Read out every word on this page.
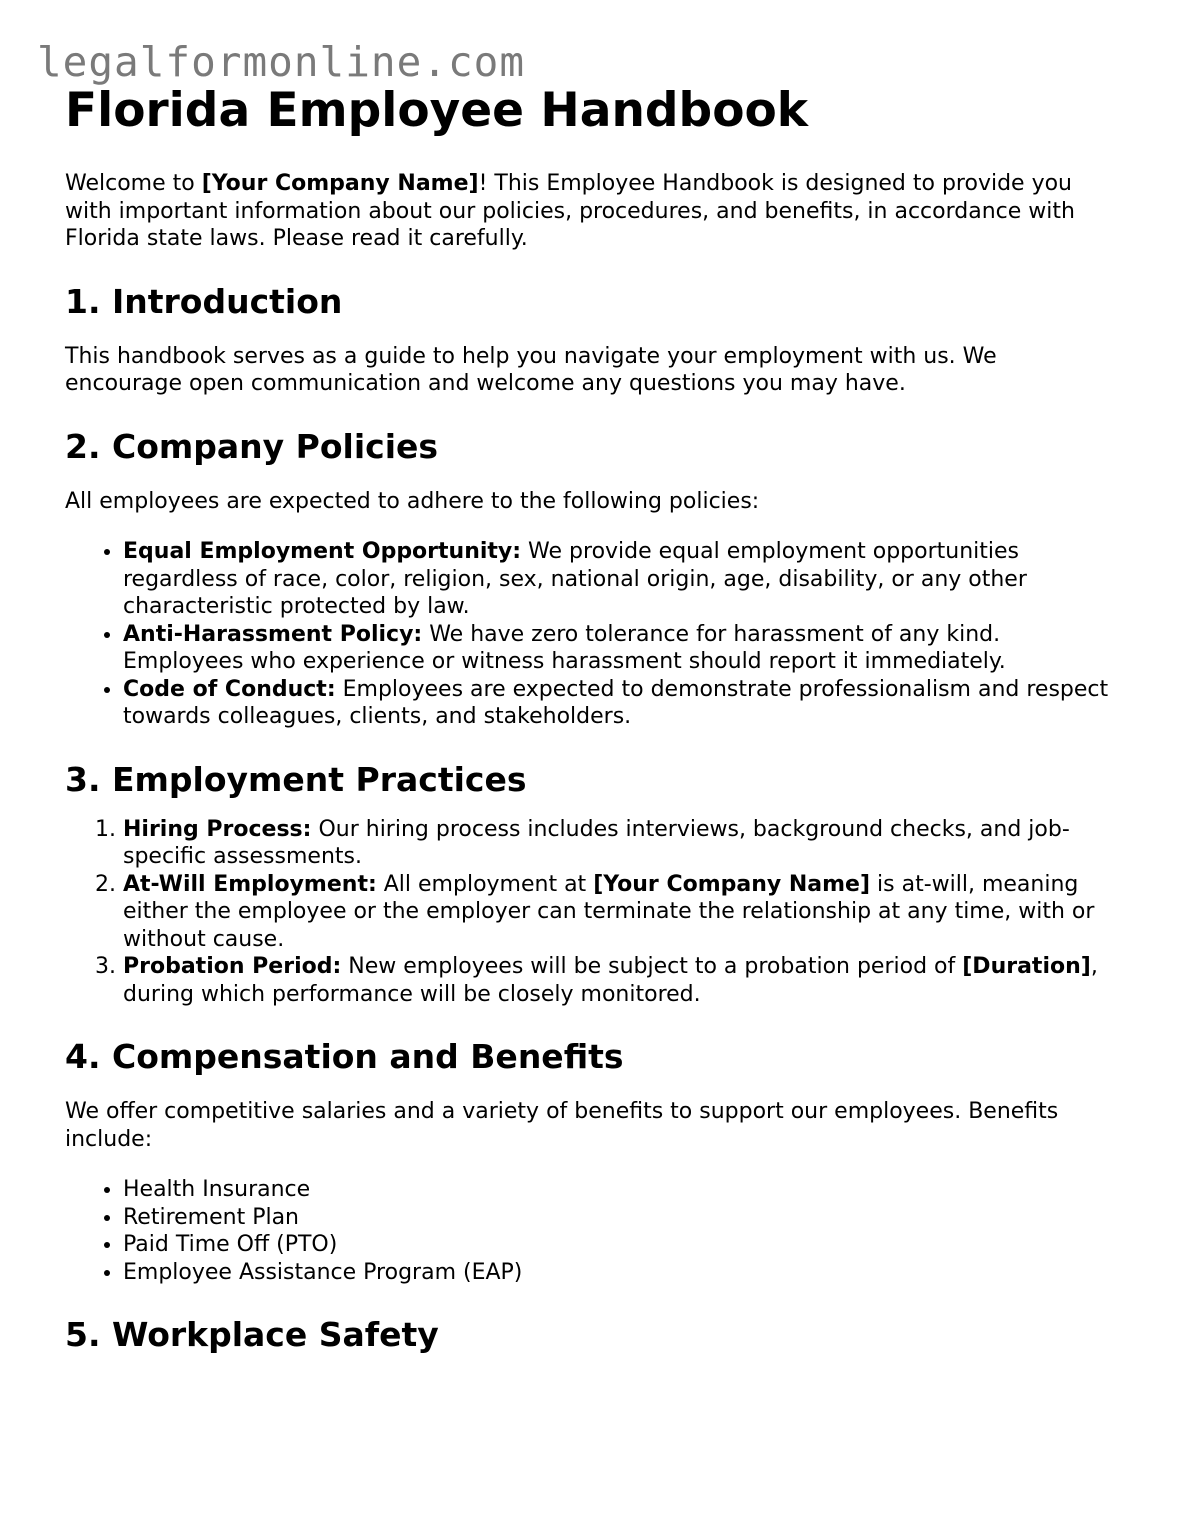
legalformonline.com
Florida Employee Handbook

Welcome to [Your Company Name]! This Employee Handbook is designed to provide you with important information about our policies, procedures, and benefits, in accordance with Florida state laws. Please read it carefully.

1. Introduction

This handbook serves as a guide to help you navigate your employment with us. We encourage open communication and welcome any questions you may have.

2. Company Policies

All employees are expected to adhere to the following policies:

• Equal Employment Opportunity: We provide equal employment opportunities regardless of race, color, religion, sex, national origin, age, disability, or any other characteristic protected by law.
• Anti-Harassment Policy: We have zero tolerance for harassment of any kind. Employees who experience or witness harassment should report it immediately.
• Code of Conduct: Employees are expected to demonstrate professionalism and respect towards colleagues, clients, and stakeholders.
3. Employment Practices
1. Hiring Process: Our hiring process includes interviews, background checks, and job-specific assessments.
2. At-Will Employment: All employment at [Your Company Name] is at-will, meaning either the employee or the employer can terminate the relationship at any time, with or without cause.
3. Probation Period: New employees will be subject to a probation period of [Duration], during which performance will be closely monitored.
4. Compensation and Benefits

We offer competitive salaries and a variety of benefits to support our employees. Benefits include:

• Health Insurance
• Retirement Plan
• Paid Time Off (PTO)
• Employee Assistance Program (EAP)
5. Workplace Safety
